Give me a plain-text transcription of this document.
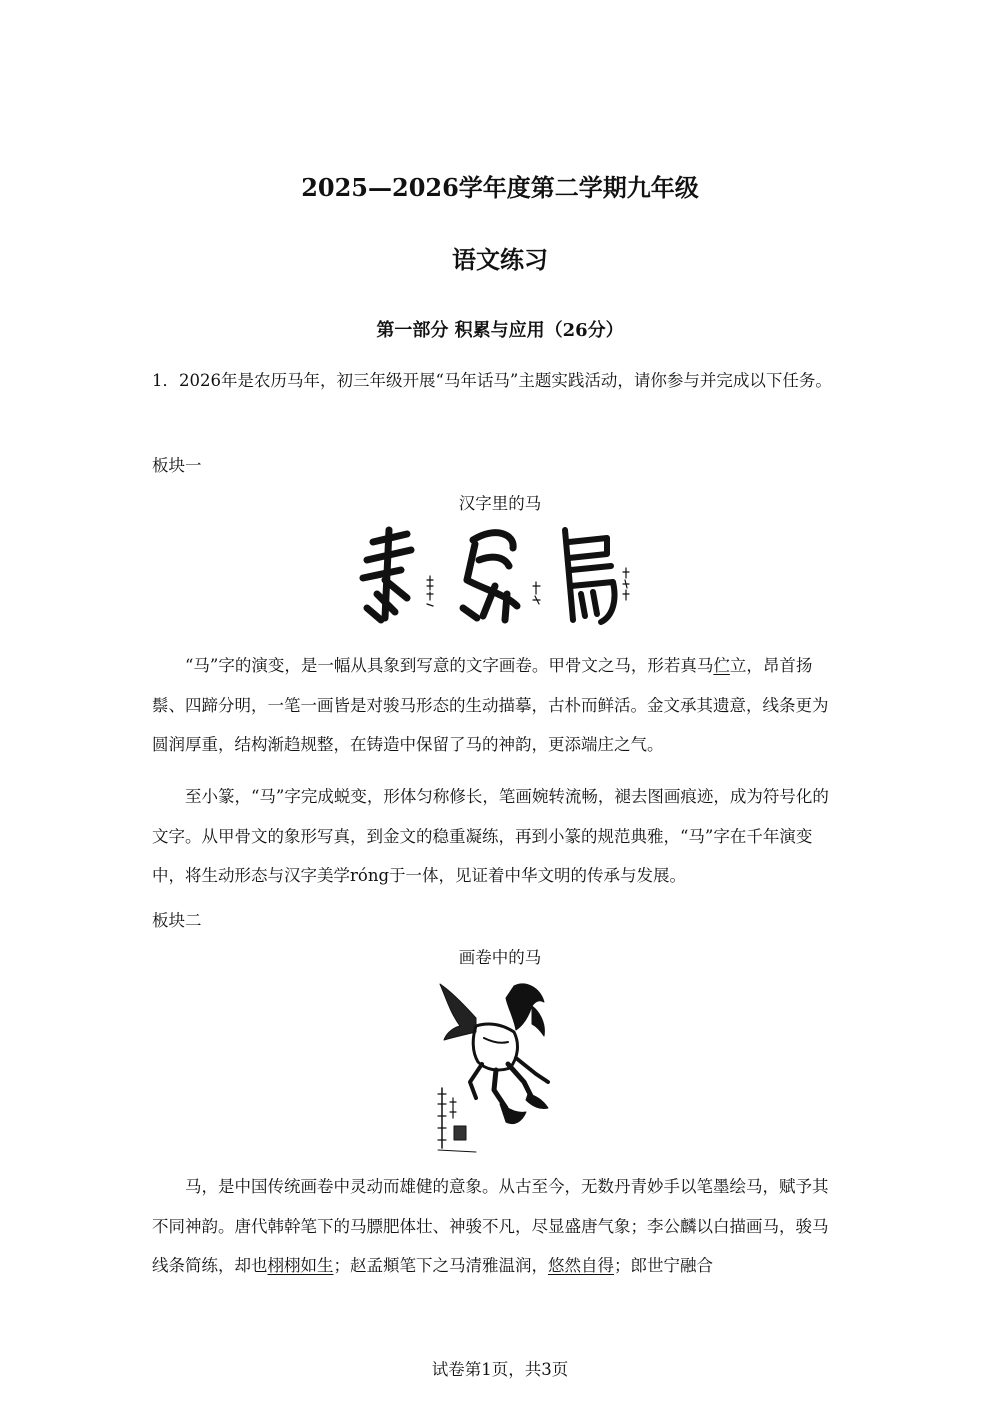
2025—2026学年度第二学期九年级
语文练习
第一部分 积累与应用（26分）

1．2026年是农历马年，初三年级开展“马年话马”主题实践活动，请你参与并完成以下任务。

板块一
汉字里的马

“马”字的演变，是一幅从具象到写意的文字画卷。甲骨文之马，形若真马伫立，昂首扬鬃、四蹄分明，一笔一画皆是对骏马形态的生动描摹，古朴而鲜活。金文承其遗意，线条更为圆润厚重，结构渐趋规整，在铸造中保留了马的神韵，更添端庄之气。

至小篆，“马”字完成蜕变，形体匀称修长，笔画婉转流畅，褪去图画痕迹，成为符号化的文字。从甲骨文的象形写真，到金文的稳重凝练，再到小篆的规范典雅，“马”字在千年演变中，将生动形态与汉字美学róng于一体，见证着中华文明的传承与发展。

板块二
画卷中的马

马，是中国传统画卷中灵动而雄健的意象。从古至今，无数丹青妙手以笔墨绘马，赋予其不同神韵。唐代韩幹笔下的马膘肥体壮、神骏不凡，尽显盛唐气象；李公麟以白描画马，骏马线条简练，却也栩栩如生；赵孟頫笔下之马清雅温润，悠然自得；郎世宁融合

试卷第1页，共3页
